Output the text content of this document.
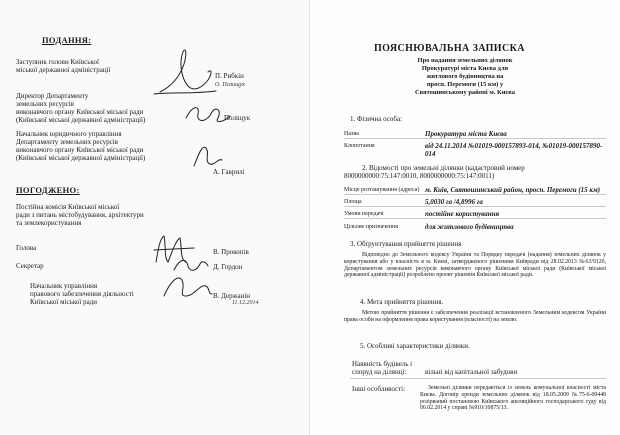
ПОДАННЯ:
Заступник голови Київської
міської державної адміністрації
П. Рибкін
О. Полищук
Директор Департаменту
земельних ресурсів
виконавчого органу Київської міської ради
(Київської міської державної адміністрації)	Поліщук
Начальник юридичного управління
Департаменту земельних ресурсів
виконавчого органу Київської міської ради
(Київської міської державної адміністрації)
А. Гаврилі
ПОГОДЖЕНО:
Постійна комісія Київської міської
ради з питань містобудування, архітектури
та землекористування
Голова	В. Прокопів
Секретар	Д. Гордон
Начальник управління
правового забезпечення діяльності
Київської міської ради
В. Держанін
11.12.2014
ПОЯСНЮВАЛЬНА ЗАПИСКА
Про надання земельних ділянок
Прокуратурі міста Києва для
житлового будівництва на
просп. Перемоги (15 км) у
Святошинському районі м. Києва
1. Фізична особа:
Назва	Прокуратура міста Києва
Клопотання	від 24.11.2014 №01019-000157893-014, №01019-000157890-
014
2. Відомості про земельні ділянки (кадастровий номер
8000000000:75:147:0010, 8000000000:75:147:0011)
Місце розташування (адреса) м. Київ, Святошинський район, просп. Перемоги (15 км)
Площа	5,0030 га /4,8996 га
Умови передачі	постійне користування
Цільове призначення	для житлового будівництва
3. Обґрунтування прийняття рішення

Відповідно до Земельного кодексу України та Порядку передачі (надання) земельних ділянок у користування або у власність в м. Києві, затвердженого рішенням Київради від 28.02.2013 №63/9120, Департаментом земельних ресурсів виконавчого органу Київської міської ради (Київської міської державної адміністрації) розроблено проект рішення Київської міської ради.

4. Мета прийняття рішення.

Метою прийняття рішення є забезпечення реалізації встановленого Земельним кодексом України права особи на оформлення права користування (власності) на землю.

5. Особливі характеристики ділянки.
Наявність будівель і
споруд на ділянці:	вільні від капітальної забудови
Інші особливості:	Земельні ділянки передаються із земель комунальної власності міста Києва. Договір оренди земельних ділянок від 18.05.2009 №75-6-00448 розірваний постановою Київського апеляційного господарського суду від 06.02.2014 у справі №910/10875/13.
